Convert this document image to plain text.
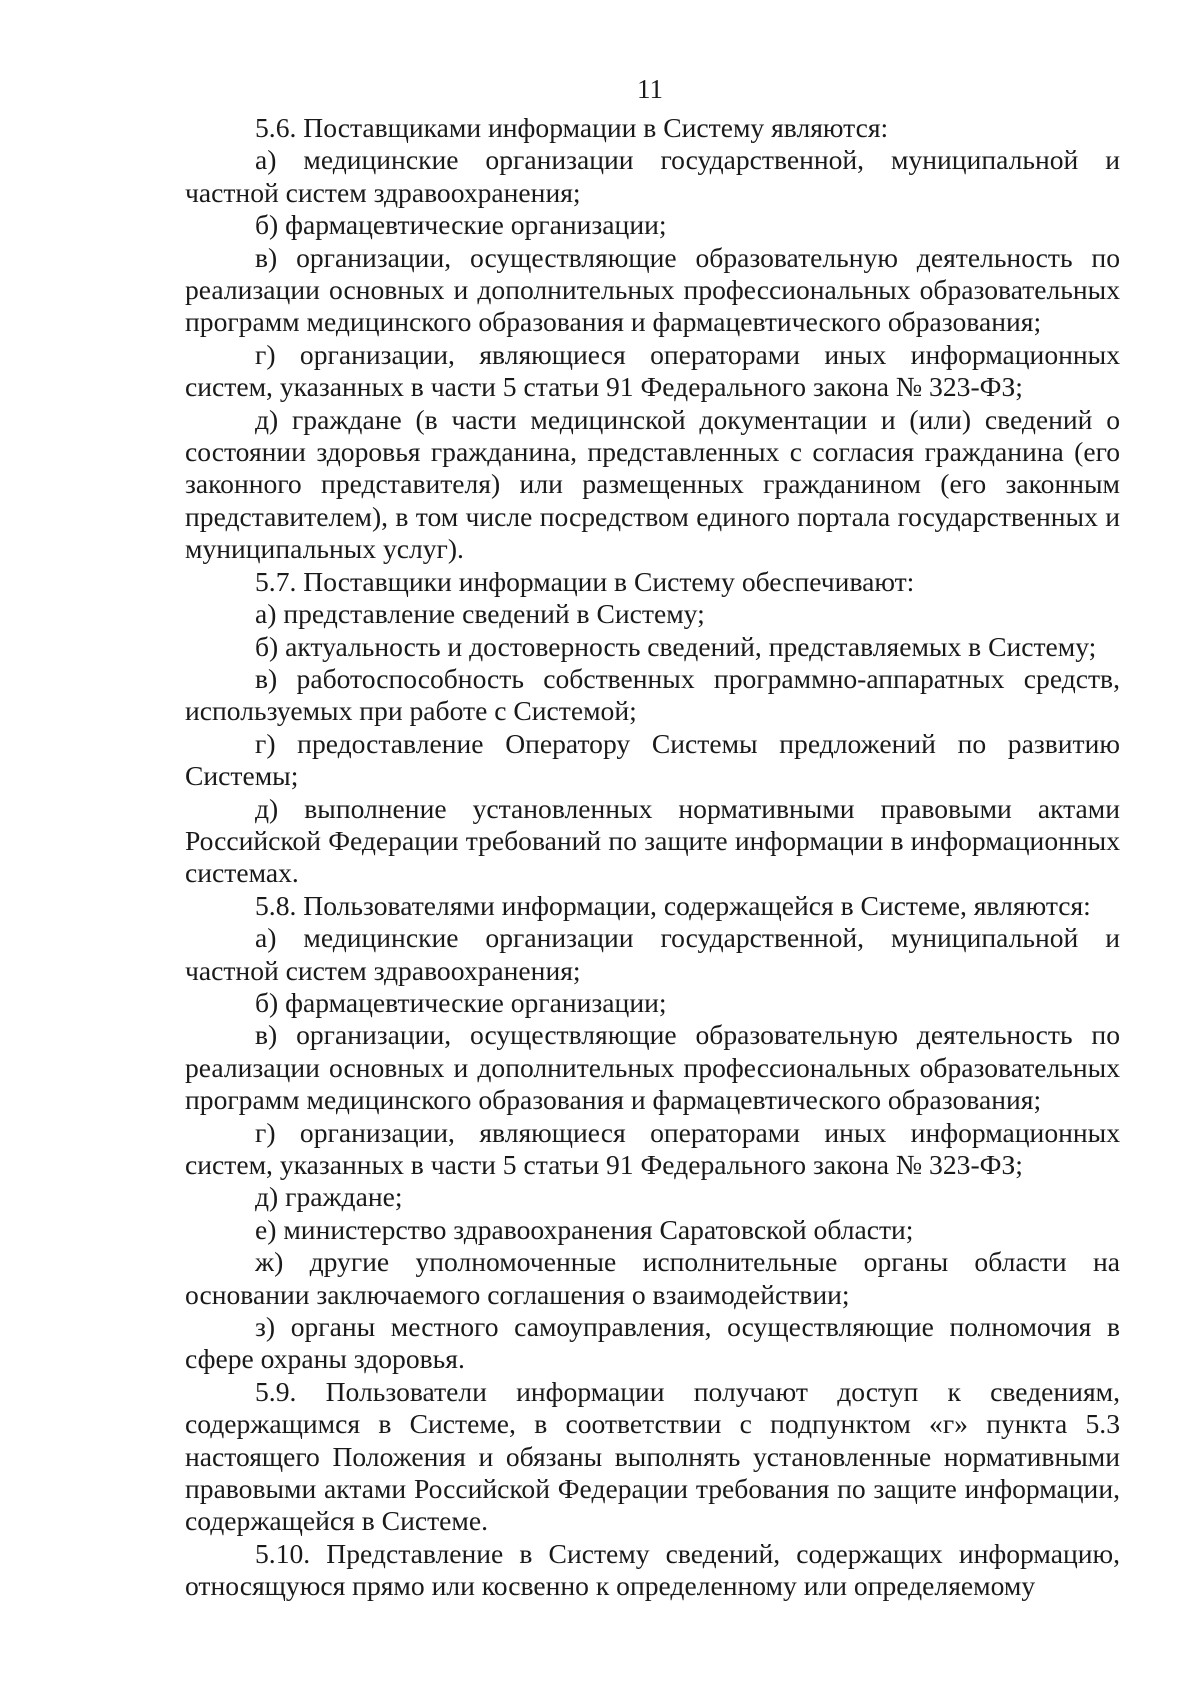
11

5.6. Поставщиками информации в Систему являются:

а) медицинские организации государственной, муниципальной и частной систем здравоохранения;

б) фармацевтические организации;

в) организации, осуществляющие образовательную деятельность по реализации основных и дополнительных профессиональных образовательных программ медицинского образования и фармацевтического образования;

г) организации, являющиеся операторами иных информационных систем, указанных в части 5 статьи 91 Федерального закона № 323-ФЗ;

д) граждане (в части медицинской документации и (или) сведений о состоянии здоровья гражданина, представленных с согласия гражданина (его законного представителя) или размещенных гражданином (его законным представителем), в том числе посредством единого портала государственных и муниципальных услуг).

5.7. Поставщики информации в Систему обеспечивают:

а) представление сведений в Систему;

б) актуальность и достоверность сведений, представляемых в Систему;

в) работоспособность собственных программно-аппаратных средств, используемых при работе с Системой;

г) предоставление Оператору Системы предложений по развитию Системы;

д) выполнение установленных нормативными правовыми актами Российской Федерации требований по защите информации в информационных системах.

5.8. Пользователями информации, содержащейся в Системе, являются:

а) медицинские организации государственной, муниципальной и частной систем здравоохранения;

б) фармацевтические организации;

в) организации, осуществляющие образовательную деятельность по реализации основных и дополнительных профессиональных образовательных программ медицинского образования и фармацевтического образования;

г) организации, являющиеся операторами иных информационных систем, указанных в части 5 статьи 91 Федерального закона № 323-ФЗ;

д) граждане;

е) министерство здравоохранения Саратовской области;

ж) другие уполномоченные исполнительные органы области на основании заключаемого соглашения о взаимодействии;

з) органы местного самоуправления, осуществляющие полномочия в сфере охраны здоровья.

5.9. Пользователи информации получают доступ к сведениям, содержащимся в Системе, в соответствии с подпунктом «г» пункта 5.3 настоящего Положения и обязаны выполнять установленные нормативными правовыми актами Российской Федерации требования по защите информации, содержащейся в Системе.

5.10. Представление в Систему сведений, содержащих информацию, относящуюся прямо или косвенно к определенному или определяемому
